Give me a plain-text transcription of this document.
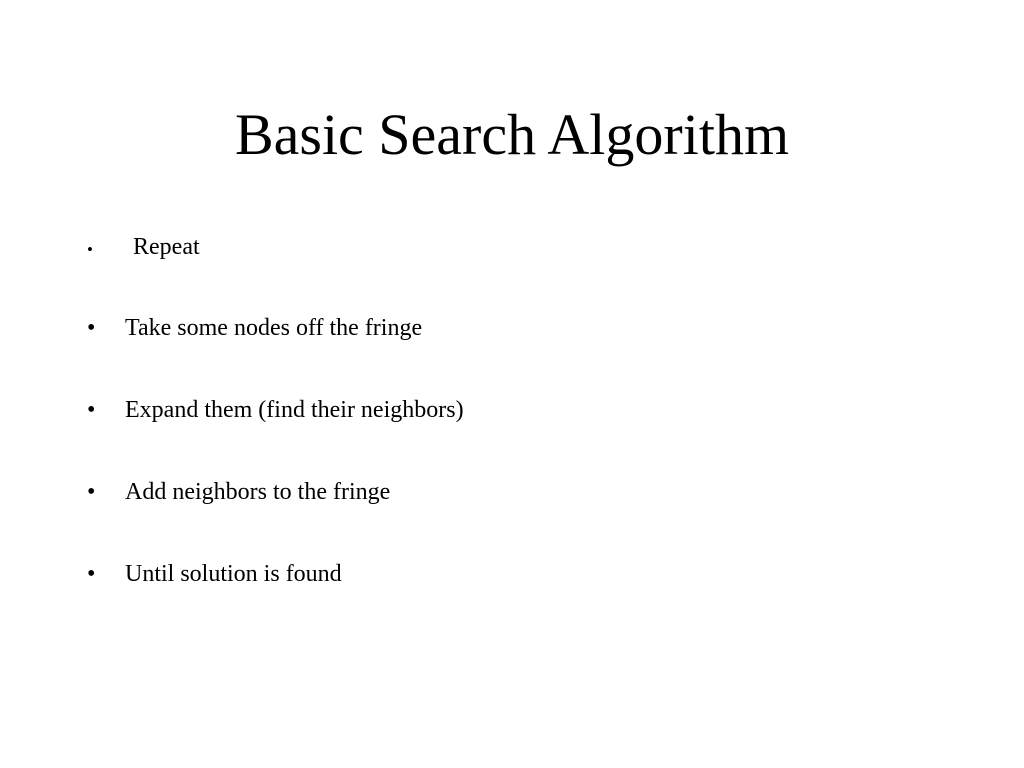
Basic Search Algorithm
• Repeat
• Take some nodes off the fringe
• Expand them (find their neighbors)
• Add neighbors to the fringe
• Until solution is found
